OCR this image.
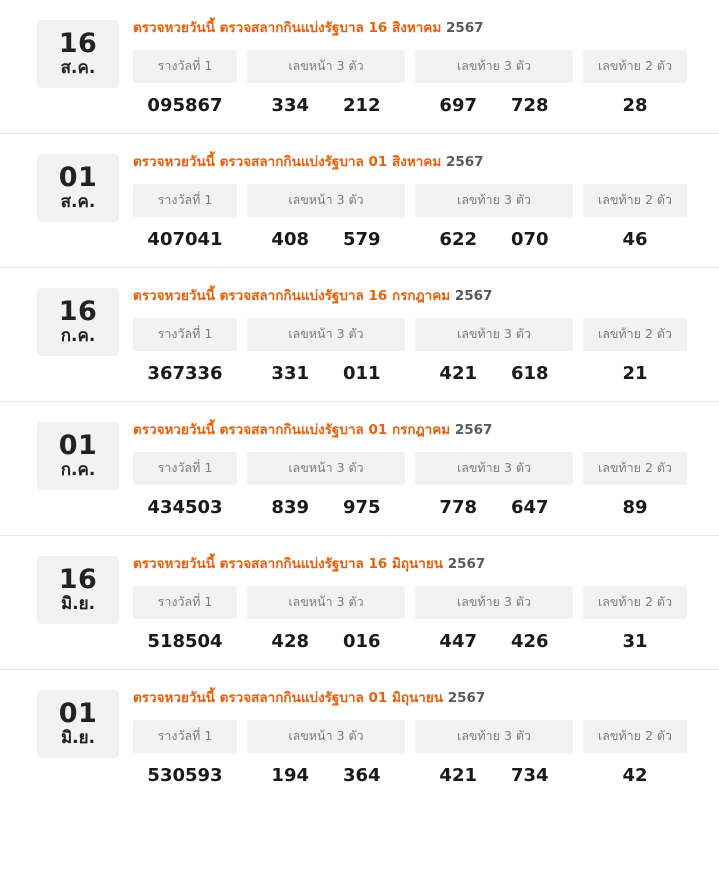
16
ส.ค.
ตรวจหวยวันนี้ ตรวจสลากกินแบ่งรัฐบาล 16 สิงหาคม 2567
รางวัลที่ 1	เลขหน้า 3 ตัว	เลขท้าย 3 ตัว	เลขท้าย 2 ตัว
095867	334 212	697 728	28
01
ส.ค.
ตรวจหวยวันนี้ ตรวจสลากกินแบ่งรัฐบาล 01 สิงหาคม 2567
รางวัลที่ 1	เลขหน้า 3 ตัว	เลขท้าย 3 ตัว	เลขท้าย 2 ตัว
407041	408 579	622 070	46
16
ก.ค.
ตรวจหวยวันนี้ ตรวจสลากกินแบ่งรัฐบาล 16 กรกฎาคม 2567
รางวัลที่ 1	เลขหน้า 3 ตัว	เลขท้าย 3 ตัว	เลขท้าย 2 ตัว
367336	331 011	421 618	21
01
ก.ค.
ตรวจหวยวันนี้ ตรวจสลากกินแบ่งรัฐบาล 01 กรกฎาคม 2567
รางวัลที่ 1	เลขหน้า 3 ตัว	เลขท้าย 3 ตัว	เลขท้าย 2 ตัว
434503	839 975	778 647	89
16
มิ.ย.
ตรวจหวยวันนี้ ตรวจสลากกินแบ่งรัฐบาล 16 มิถุนายน 2567
รางวัลที่ 1	เลขหน้า 3 ตัว	เลขท้าย 3 ตัว	เลขท้าย 2 ตัว
518504	428 016	447 426	31
01
มิ.ย.
ตรวจหวยวันนี้ ตรวจสลากกินแบ่งรัฐบาล 01 มิถุนายน 2567
รางวัลที่ 1	เลขหน้า 3 ตัว	เลขท้าย 3 ตัว	เลขท้าย 2 ตัว
530593	194 364	421 734	42
